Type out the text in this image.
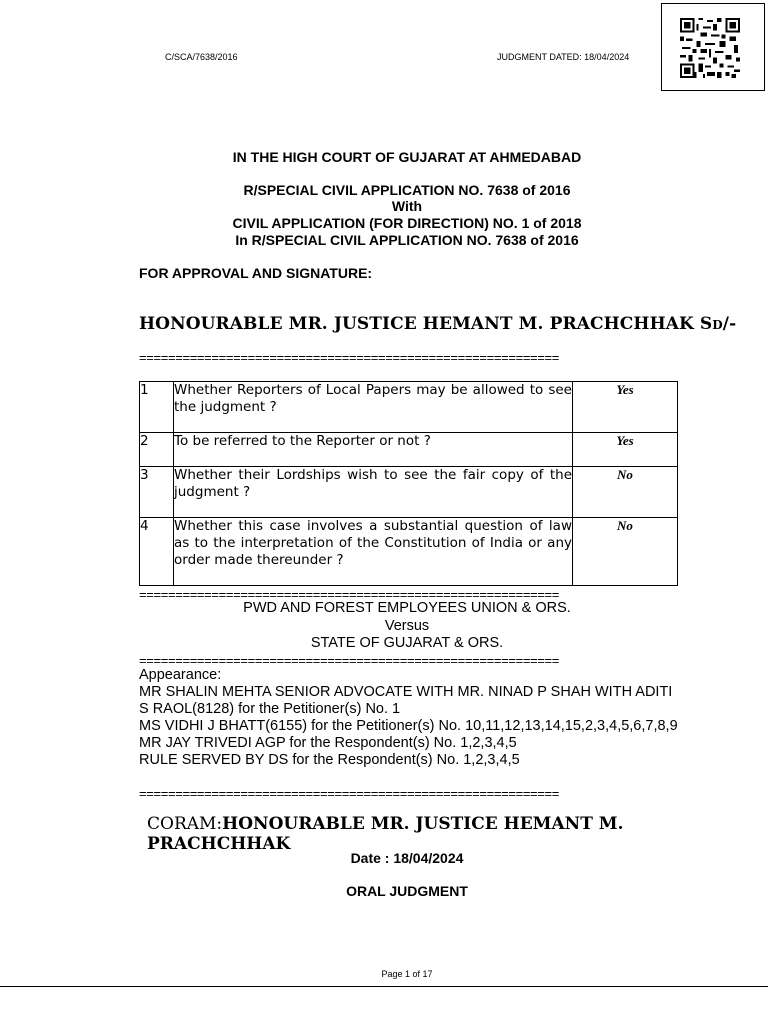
C/SCA/7638/2016	JUDGMENT DATED: 18/04/2024
IN THE HIGH COURT OF GUJARAT AT AHMEDABAD
R/SPECIAL CIVIL APPLICATION NO. 7638 of 2016
With
CIVIL APPLICATION (FOR DIRECTION) NO. 1 of 2018
In R/SPECIAL CIVIL APPLICATION NO. 7638 of 2016
FOR APPROVAL AND SIGNATURE:
HONOURABLE MR. JUSTICE HEMANT M. PRACHCHHAK Sd/-
==========================================================
1	Whether Reporters of Local Papers may be allowed to see the judgment ?	Yes
2	To be referred to the Reporter or not ?	Yes
3	Whether their Lordships wish to see the fair copy of the judgment ?	No
4	Whether this case involves a substantial question of law as to the interpretation of the Constitution of India or any order made thereunder ?	No
==========================================================
PWD AND FOREST EMPLOYEES UNION & ORS.
Versus
STATE OF GUJARAT & ORS.
==========================================================
Appearance:
MR SHALIN MEHTA SENIOR ADVOCATE WITH MR. NINAD P SHAH WITH ADITI S RAOL(8128) for the Petitioner(s) No. 1
MS VIDHI J BHATT(6155) for the Petitioner(s) No. 10,11,12,13,14,15,2,3,4,5,6,7,8,9
MR JAY TRIVEDI AGP for the Respondent(s) No. 1,2,3,4,5
RULE SERVED BY DS for the Respondent(s) No. 1,2,3,4,5
==========================================================
CORAM:HONOURABLE MR. JUSTICE HEMANT M. PRACHCHHAK
Date : 18/04/2024
ORAL JUDGMENT
Page 1 of 17
